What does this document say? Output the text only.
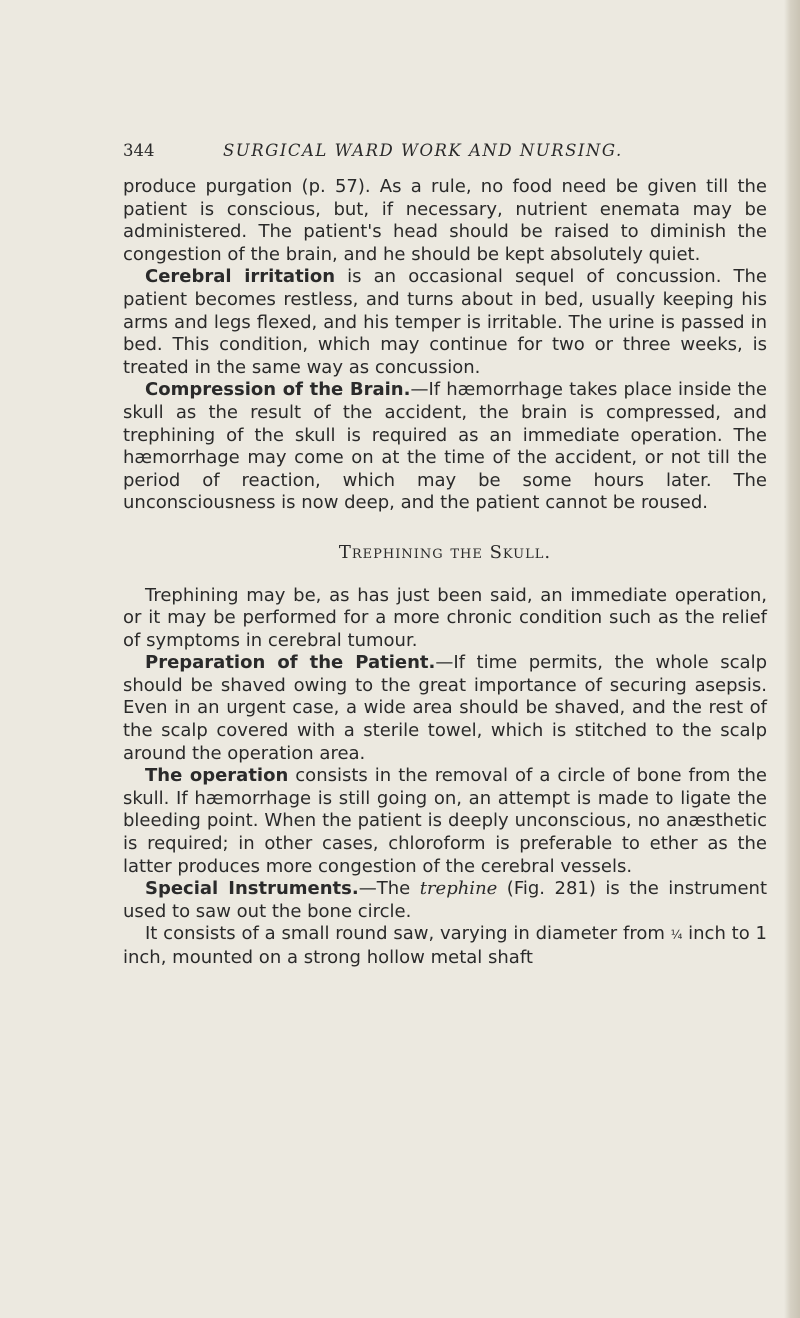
344	SURGICAL WARD WORK AND NURSING.

produce purgation (p. 57). As a rule, no food need be given till the patient is conscious, but, if necessary, nutrient enemata may be administered. The patient's head should be raised to diminish the congestion of the brain, and he should be kept absolutely quiet.

Cerebral irritation is an occasional sequel of concussion. The patient becomes restless, and turns about in bed, usually keeping his arms and legs flexed, and his temper is irritable. The urine is passed in bed. This condition, which may continue for two or three weeks, is treated in the same way as concussion.

Compression of the Brain.—If hæmorrhage takes place inside the skull as the result of the accident, the brain is compressed, and trephining of the skull is required as an immediate operation. The hæmorrhage may come on at the time of the accident, or not till the period of reaction, which may be some hours later. The unconsciousness is now deep, and the patient cannot be roused.

Trephining the Skull.

Trephining may be, as has just been said, an immediate operation, or it may be performed for a more chronic condition such as the relief of symptoms in cerebral tumour.

Preparation of the Patient.—If time permits, the whole scalp should be shaved owing to the great importance of securing asepsis. Even in an urgent case, a wide area should be shaved, and the rest of the scalp covered with a sterile towel, which is stitched to the scalp around the operation area.

The operation consists in the removal of a circle of bone from the skull. If hæmorrhage is still going on, an attempt is made to ligate the bleeding point. When the patient is deeply unconscious, no anæsthetic is required; in other cases, chloroform is preferable to ether as the latter produces more congestion of the cerebral vessels.

Special Instruments.—The trephine (Fig. 281) is the instrument used to saw out the bone circle.

It consists of a small round saw, varying in diameter from ¼ inch to 1 inch, mounted on a strong hollow metal shaft
